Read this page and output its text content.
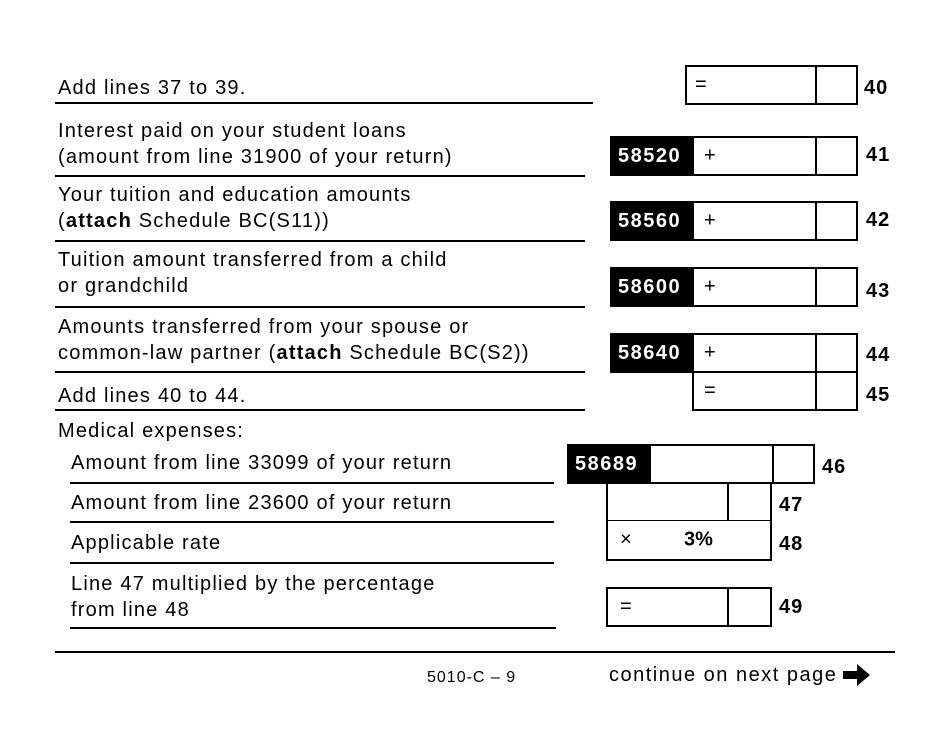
Add lines 37 to 39.	=	40
Interest paid on your student loans
(amount from line 31900 of your return)	58520	+	41
Your tuition and education amounts
(attach Schedule BC(S11))	58560	+	42
Tuition amount transferred from a child
or grandchild	58600	+	43
Amounts transferred from your spouse or
common-law partner (attach Schedule BC(S2))	58640	+	44
Add lines 40 to 44.	=	45
Medical expenses:
Amount from line 33099 of your return	58689	46
Amount from line 23600 of your return	47
Applicable rate	×	3%	48
Line 47 multiplied by the percentage
from line 48	=	49
5010-C – 9	continue on next page
